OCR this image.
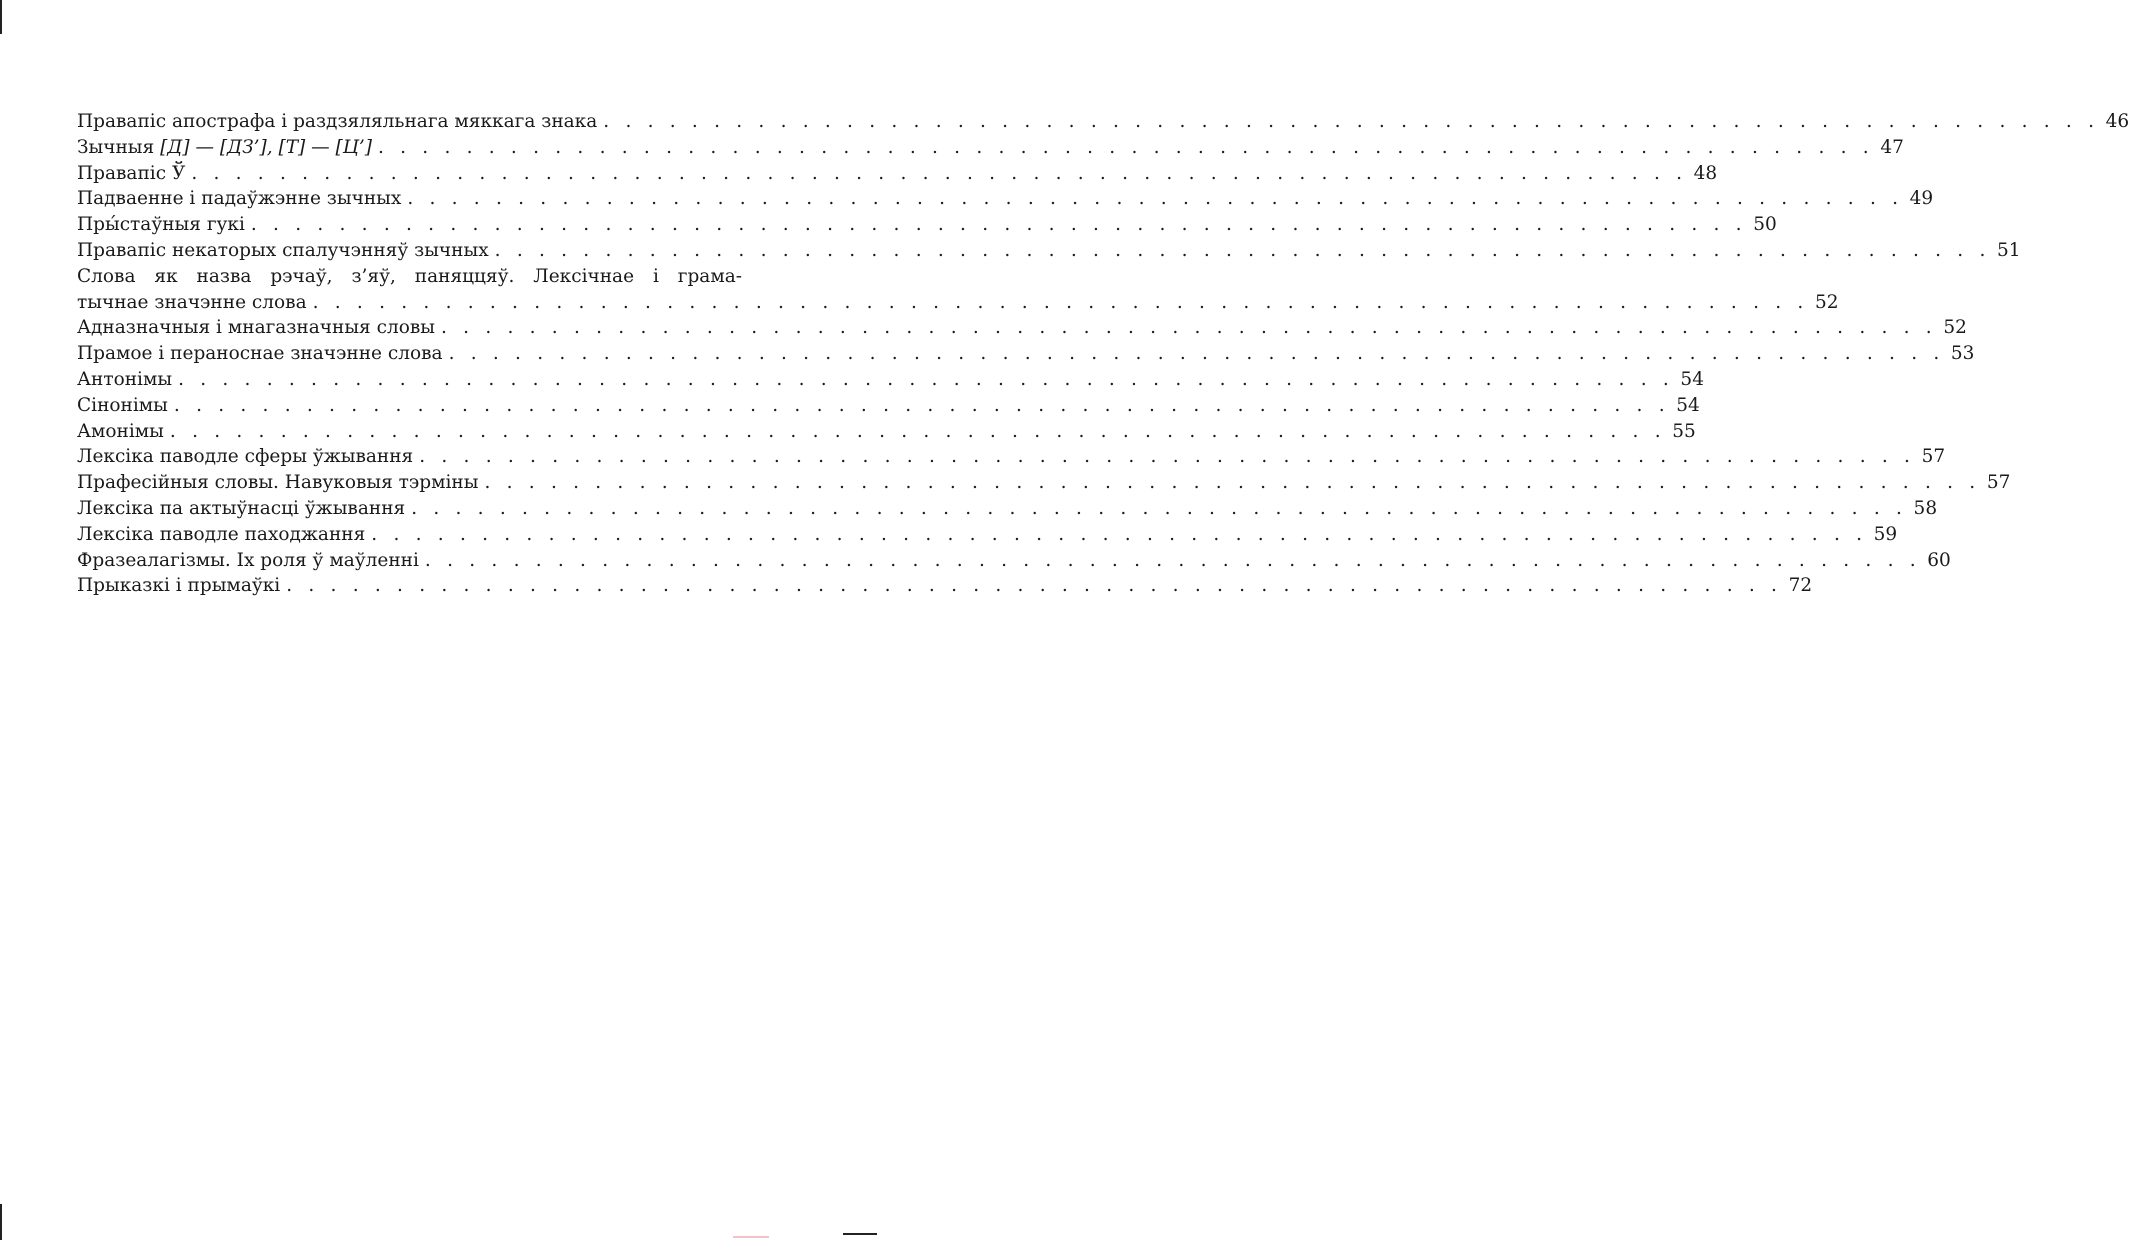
Правапіс апострафа і раздзяляльнага мяккага знака . . . . . . . . . . . . . . . . . . . . . . . . . . . . . . . . . . . . . . . . . . . . . . . . . . . . . . . . . . . . . . . . . . . . 46
Зычныя [Д] — [ДЗ’], [Т] — [Ц’] . . . . . . . . . . . . . . . . . . . . . . . . . . . . . . . . . . . . . . . . . . . . . . . . . . . . . . . . . . . . . . . . . . . . 47
Правапіс Ў . . . . . . . . . . . . . . . . . . . . . . . . . . . . . . . . . . . . . . . . . . . . . . . . . . . . . . . . . . . . . . . . . . . . 48
Падваенне і падаўжэнне зычных . . . . . . . . . . . . . . . . . . . . . . . . . . . . . . . . . . . . . . . . . . . . . . . . . . . . . . . . . . . . . . . . . . . . 49
Пры́стаўныя гукі . . . . . . . . . . . . . . . . . . . . . . . . . . . . . . . . . . . . . . . . . . . . . . . . . . . . . . . . . . . . . . . . . . . . 50
Правапіс некаторых спалучэнняў зычных . . . . . . . . . . . . . . . . . . . . . . . . . . . . . . . . . . . . . . . . . . . . . . . . . . . . . . . . . . . . . . . . . . . . 51
Слова як назва рэчаў, з’яў, паняццяў. Лексічнае і грама-
тычнае значэнне слова . . . . . . . . . . . . . . . . . . . . . . . . . . . . . . . . . . . . . . . . . . . . . . . . . . . . . . . . . . . . . . . . . . . . 52
Адназначныя і мнагазначныя словы . . . . . . . . . . . . . . . . . . . . . . . . . . . . . . . . . . . . . . . . . . . . . . . . . . . . . . . . . . . . . . . . . . . . 52
Прамое і пераноснае значэнне слова . . . . . . . . . . . . . . . . . . . . . . . . . . . . . . . . . . . . . . . . . . . . . . . . . . . . . . . . . . . . . . . . . . . . 53
Антонімы . . . . . . . . . . . . . . . . . . . . . . . . . . . . . . . . . . . . . . . . . . . . . . . . . . . . . . . . . . . . . . . . . . . . 54
Сінонімы . . . . . . . . . . . . . . . . . . . . . . . . . . . . . . . . . . . . . . . . . . . . . . . . . . . . . . . . . . . . . . . . . . . . 54
Амонімы . . . . . . . . . . . . . . . . . . . . . . . . . . . . . . . . . . . . . . . . . . . . . . . . . . . . . . . . . . . . . . . . . . . . 55
Лексіка паводле сферы ўжывання . . . . . . . . . . . . . . . . . . . . . . . . . . . . . . . . . . . . . . . . . . . . . . . . . . . . . . . . . . . . . . . . . . . . 57
Прафесійныя словы. Навуковыя тэрміны . . . . . . . . . . . . . . . . . . . . . . . . . . . . . . . . . . . . . . . . . . . . . . . . . . . . . . . . . . . . . . . . . . . . 57
Лексіка па актыўнасці ўжывання . . . . . . . . . . . . . . . . . . . . . . . . . . . . . . . . . . . . . . . . . . . . . . . . . . . . . . . . . . . . . . . . . . . . 58
Лексіка паводле паходжання . . . . . . . . . . . . . . . . . . . . . . . . . . . . . . . . . . . . . . . . . . . . . . . . . . . . . . . . . . . . . . . . . . . . 59
Фразеалагізмы. Іх роля ў маўленні . . . . . . . . . . . . . . . . . . . . . . . . . . . . . . . . . . . . . . . . . . . . . . . . . . . . . . . . . . . . . . . . . . . . 60
Прыказкі і прымаўкі . . . . . . . . . . . . . . . . . . . . . . . . . . . . . . . . . . . . . . . . . . . . . . . . . . . . . . . . . . . . . . . . . . . . 72
